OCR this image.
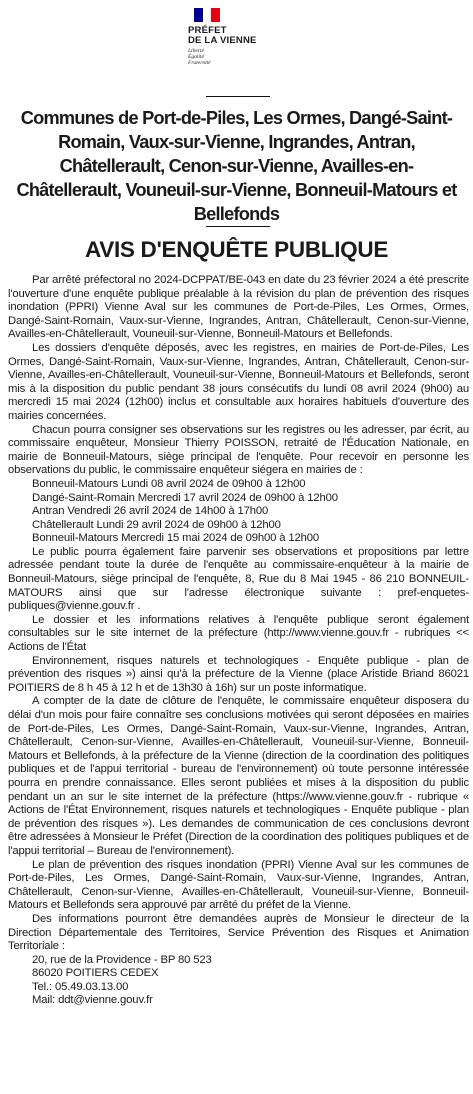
PRÉFET
DE LA VIENNE
Liberté
Égalité
Fraternité
Communes de Port-de-Piles, Les Ormes, Dangé-Saint-Romain, Vaux-sur-Vienne, Ingrandes, Antran, Châtellerault, Cenon-sur-Vienne, Availles-en-Châtellerault, Vouneuil-sur-Vienne, Bonneuil-Matours et Bellefonds
AVIS D'ENQUÊTE PUBLIQUE

Par arrêté préfectoral no 2024-DCPPAT/BE-043 en date du 23 février 2024 a été prescrite l'ouverture d'une enquête publique préalable à la révision du plan de prévention des risques inondation (PPRI) Vienne Aval sur les communes de Port-de-Piles, Les Ormes, Ormes, Dangé-Saint-Romain, Vaux-sur-Vienne, Ingrandes, Antran, Châtellerault, Cenon-sur-Vienne, Availles-en-Châtellerault, Vouneuil-sur-Vienne, Bonneuil-Matours et Bellefonds.

Les dossiers d'enquête déposés, avec les registres, en mairies de Port-de-Piles, Les Ormes, Dangé-Saint-Romain, Vaux-sur-Vienne, Ingrandes, Antran, Châtellerault, Cenon-sur-Vienne, Availles-en-Châtellerault, Vouneuil-sur-Vienne, Bonneuil-Matours et Bellefonds, seront mis à la disposition du public pendant 38 jours consécutifs du lundi 08 avril 2024 (9h00) au mercredi 15 mai 2024 (12h00) inclus et consultable aux horaires habituels d'ouverture des mairies concernées.

Chacun pourra consigner ses observations sur les registres ou les adresser, par écrit, au commissaire enquêteur, Monsieur Thierry POISSON, retraité de l'Éducation Nationale, en mairie de Bonneuil-Matours, siège principal de l'enquête. Pour recevoir en personne les observations du public, le commissaire enquêteur siégera en mairies de :

Bonneuil-Matours Lundi 08 avril 2024 de 09h00 à 12h00
Dangé-Saint-Romain Mercredi 17 avril 2024 de 09h00 à 12h00
Antran Vendredi 26 avril 2024 de 14h00 à 17h00
Châtellerault Lundi 29 avril 2024 de 09h00 à 12h00
Bonneuil-Matours Mercredi 15 mai 2024 de 09h00 à 12h00

Le public pourra également faire parvenir ses observations et propositions par lettre adressée pendant toute la durée de l'enquête au commissaire-enquêteur à la mairie de Bonneuil-Matours, siège principal de l'enquête, 8, Rue du 8 Mai 1945 - 86 210 BONNEUIL-MATOURS ainsi que sur l'adresse électronique suivante : pref-enquetes-publiques@vienne.gouv.fr .

Le dossier et les informations relatives à l'enquête publique seront également consultables sur le site internet de la préfecture (http://www.vienne.gouv.fr - rubriques << Actions de l'État

Environnement, risques naturels et technologiques - Enquête publique - plan de prévention des risques ») ainsi qu'à la préfecture de la Vienne (place Aristide Briand 86021 POITIERS de 8 h 45 à 12 h et de 13h30 à 16h) sur un poste informatique.

A compter de la date de clôture de l'enquête, le commissaire enquêteur disposera du délai d'un mois pour faire connaître ses conclusions motivées qui seront déposées en mairies de Port-de-Piles, Les Ormes, Dangé-Saint-Romain, Vaux-sur-Vienne, Ingrandes, Antran, Châtellerault, Cenon-sur-Vienne, Availles-en-Châtellerault, Vouneuil-sur-Vienne, Bonneuil-Matours et Bellefonds, à la préfecture de la Vienne (direction de la coordination des politiques publiques et de l'appui territorial - bureau de l'environnement) où toute personne intéressée pourra en prendre connaissance. Elles seront publiées et mises à la disposition du public pendant un an sur le site internet de la préfecture (https://www.vienne.gouv.fr - rubrique « Actions de l'État Environnement, risques naturels et technologiques - Enquête publique - plan de prévention des risques »). Les demandes de communication de ces conclusions devront être adressées à Monsieur le Préfet (Direction de la coordination des politiques publiques et de l'appui territorial – Bureau de l'environnement).

Le plan de prévention des risques inondation (PPRI) Vienne Aval sur les communes de Port-de-Piles, Les Ormes, Dangé-Saint-Romain, Vaux-sur-Vienne, Ingrandes, Antran, Châtellerault, Cenon-sur-Vienne, Availles-en-Châtellerault, Vouneuil-sur-Vienne, Bonneuil-Matours et Bellefonds sera approuvé par arrêté du préfet de la Vienne.

Des informations pourront être demandées auprès de Monsieur le directeur de la Direction Départementale des Territoires, Service Prévention des Risques et Animation Territoriale :

20, rue de la Providence - BP 80 523
86020 POITIERS CEDEX
Tel.: 05.49.03.13.00
Mail: ddt@vienne.gouv.fr
